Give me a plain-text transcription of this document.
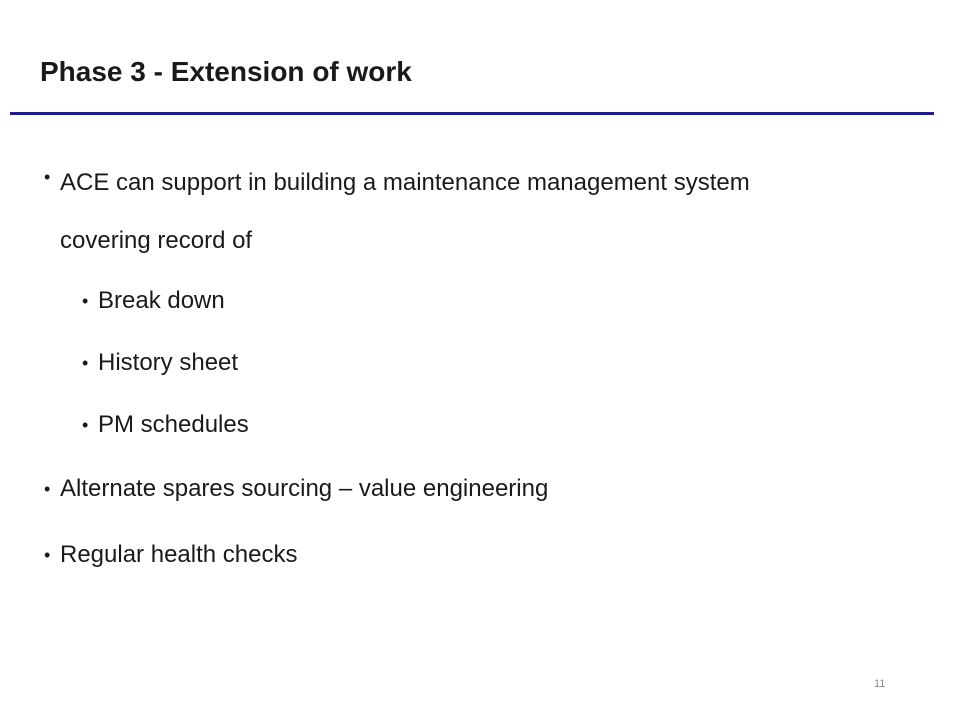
Phase 3 - Extension of work
• ACE can support in building a maintenance management system covering record of
• Break down
• History sheet
• PM schedules
• Alternate spares sourcing – value engineering
• Regular health checks
11
